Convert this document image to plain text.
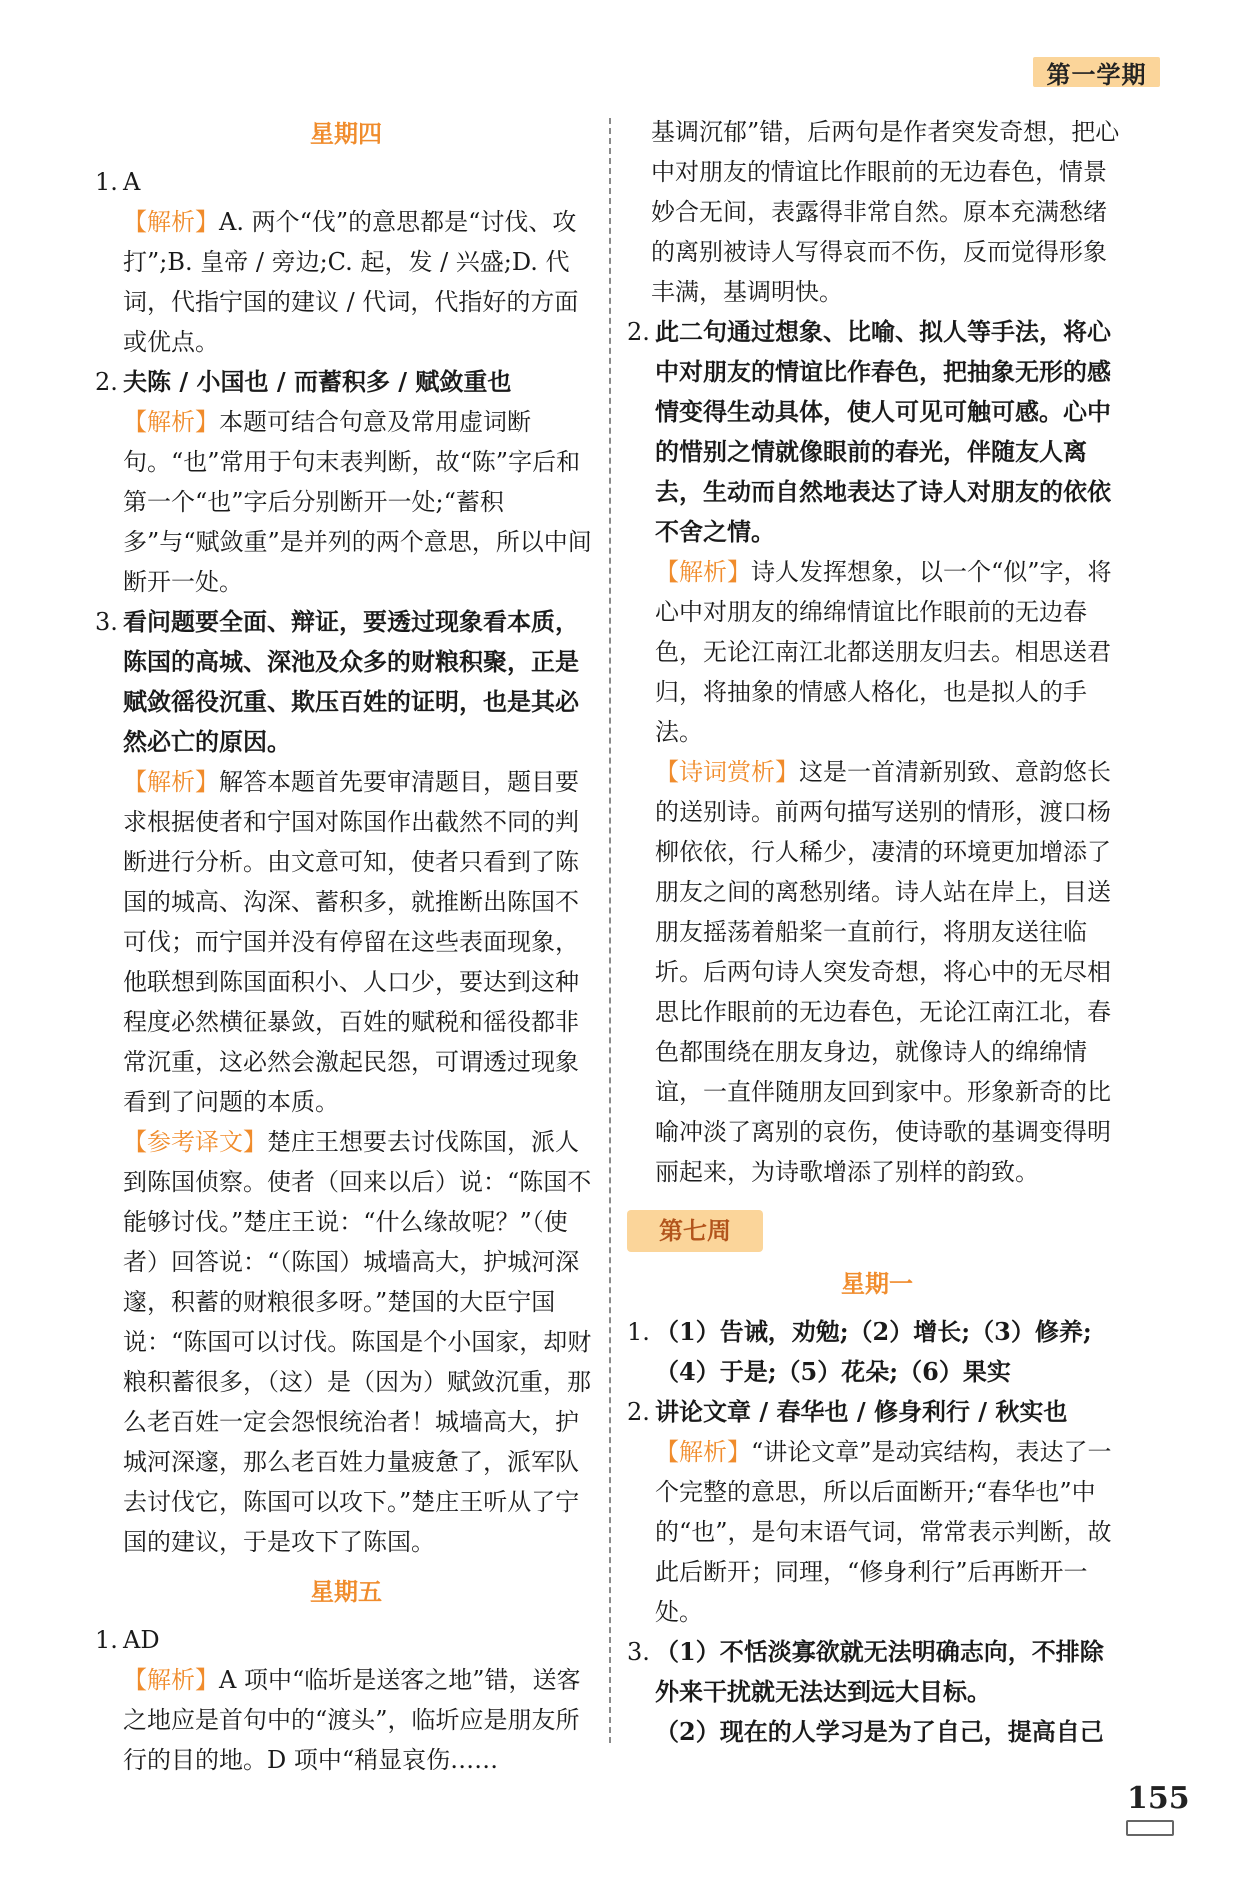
第一学期
星期四
1. A
【解析】A. 两个“伐”的意思都是“讨伐、攻打”;B. 皇帝 / 旁边;C. 起，发 / 兴盛;D. 代词，代指宁国的建议 / 代词，代指好的方面或优点。
2. 夫陈 / 小国也 / 而蓄积多 / 赋敛重也
【解析】本题可结合句意及常用虚词断句。“也”常用于句末表判断，故“陈”字后和第一个“也”字后分别断开一处;“蓄积多”与“赋敛重”是并列的两个意思，所以中间断开一处。
3. 看问题要全面、辩证，要透过现象看本质，陈国的高城、深池及众多的财粮积聚，正是赋敛徭役沉重、欺压百姓的证明，也是其必然必亡的原因。
【解析】解答本题首先要审清题目，题目要求根据使者和宁国对陈国作出截然不同的判断进行分析。由文意可知，使者只看到了陈国的城高、沟深、蓄积多，就推断出陈国不可伐；而宁国并没有停留在这些表面现象，他联想到陈国面积小、人口少，要达到这种程度必然横征暴敛，百姓的赋税和徭役都非常沉重，这必然会激起民怨，可谓透过现象看到了问题的本质。
【参考译文】楚庄王想要去讨伐陈国，派人到陈国侦察。使者（回来以后）说：“陈国不能够讨伐。”楚庄王说：“什么缘故呢？”（使者）回答说：“（陈国）城墙高大，护城河深邃，积蓄的财粮很多呀。”楚国的大臣宁国说：“陈国可以讨伐。陈国是个小国家，却财粮积蓄很多，（这）是（因为）赋敛沉重，那么老百姓一定会怨恨统治者！城墙高大，护城河深邃，那么老百姓力量疲惫了，派军队去讨伐它，陈国可以攻下。”楚庄王听从了宁国的建议，于是攻下了陈国。
星期五
1. AD
【解析】A 项中“临圻是送客之地”错，送客之地应是首句中的“渡头”，临圻应是朋友所行的目的地。D 项中“稍显哀伤……
基调沉郁”错，后两句是作者突发奇想，把心中对朋友的情谊比作眼前的无边春色，情景妙合无间，表露得非常自然。原本充满愁绪的离别被诗人写得哀而不伤，反而觉得形象丰满，基调明快。
2. 此二句通过想象、比喻、拟人等手法，将心中对朋友的情谊比作春色，把抽象无形的感情变得生动具体，使人可见可触可感。心中的惜别之情就像眼前的春光，伴随友人离去，生动而自然地表达了诗人对朋友的依依不舍之情。
【解析】诗人发挥想象，以一个“似”字，将心中对朋友的绵绵情谊比作眼前的无边春色，无论江南江北都送朋友归去。相思送君归，将抽象的情感人格化，也是拟人的手法。
【诗词赏析】这是一首清新别致、意韵悠长的送别诗。前两句描写送别的情形，渡口杨柳依依，行人稀少，凄清的环境更加增添了朋友之间的离愁别绪。诗人站在岸上，目送朋友摇荡着船桨一直前行，将朋友送往临圻。后两句诗人突发奇想，将心中的无尽相思比作眼前的无边春色，无论江南江北，春色都围绕在朋友身边，就像诗人的绵绵情谊，一直伴随朋友回到家中。形象新奇的比喻冲淡了离别的哀伤，使诗歌的基调变得明丽起来，为诗歌增添了别样的韵致。
第七周
星期一
1. （1）告诫，劝勉;（2）增长;（3）修养;（4）于是;（5）花朵;（6）果实
2. 讲论文章 / 春华也 / 修身利行 / 秋实也
【解析】“讲论文章”是动宾结构，表达了一个完整的意思，所以后面断开;“春华也”中的“也”，是句末语气词，常常表示判断，故此后断开；同理，“修身利行”后再断开一处。
3. （1）不恬淡寡欲就无法明确志向，不排除外来干扰就无法达到远大目标。
（2）现在的人学习是为了自己，提高自己
155
